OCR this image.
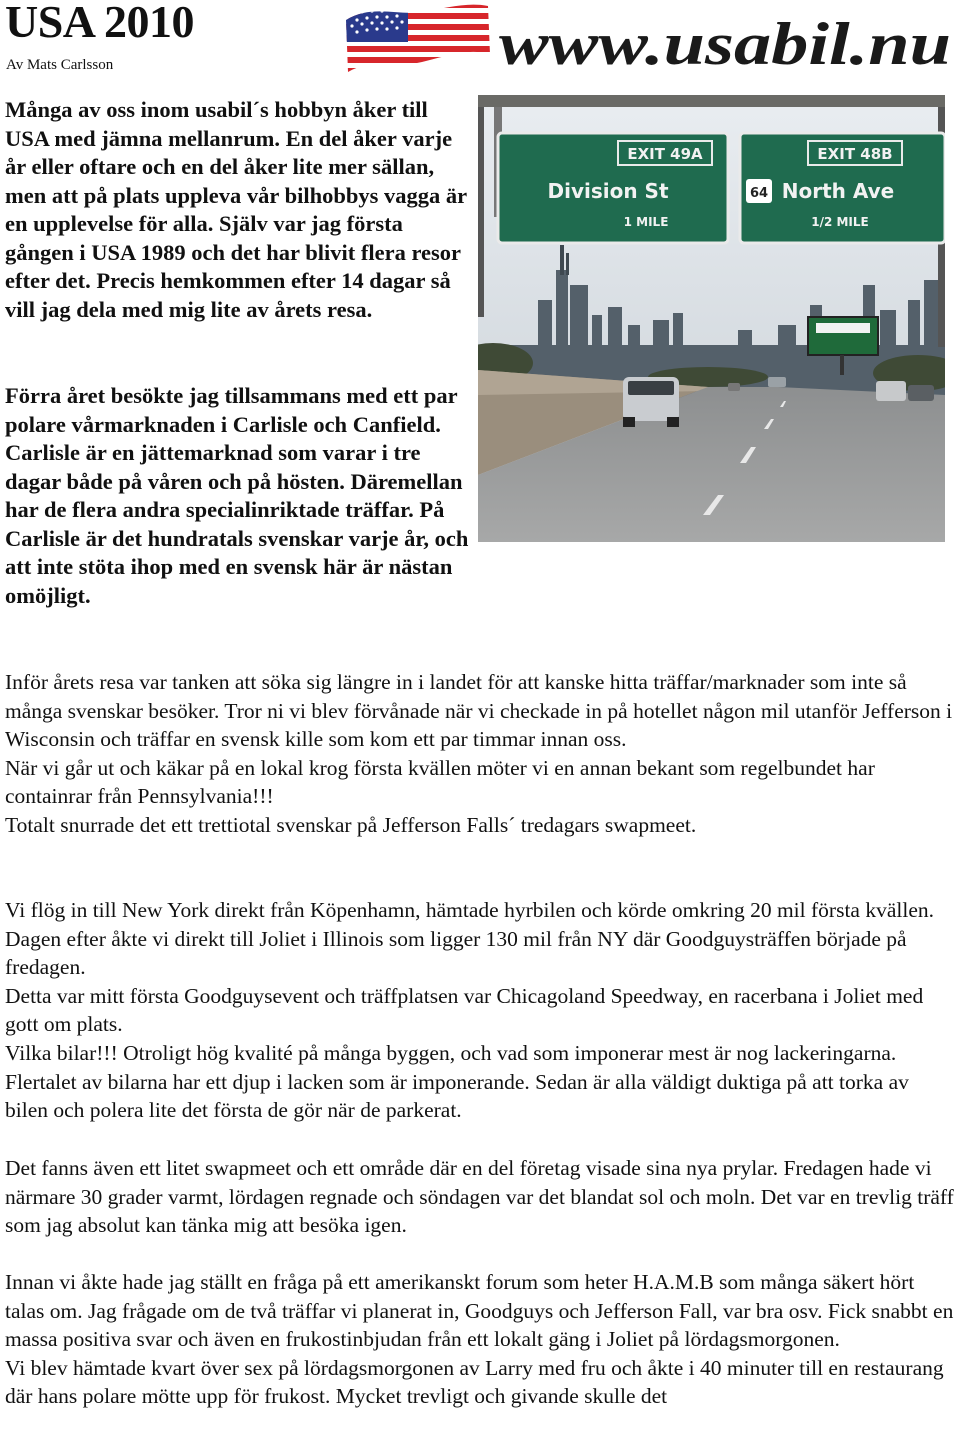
USA 2010
Av Mats Carlsson	www.usabil.nu
Många av oss inom usabil´s hobbyn åker till USA med jämna mellanrum. En del åker varje år eller oftare och en del åker lite mer sällan, men att på plats uppleva vår bilhobbys vagga är en upplevelse för alla. Själv var jag första gången i USA 1989 och det har blivit flera resor efter det. Precis hemkommen efter 14 dagar så vill jag dela med mig lite av årets resa.
Förra året besökte jag tillsammans med ett par polare vårmarknaden i Carlisle och Canfield. Carlisle är en jättemarknad som varar i tre dagar både på våren och på hösten. Däremellan har de flera andra specialinriktade träffar. På Carlisle är det hundratals svenskar varje år, och att inte stöta ihop med en svensk här är nästan omöjligt.
EXIT 49A
Division St
1 MILE
EXIT 48B
64 North Ave
1/2 MILE

Inför årets resa var tanken att söka sig längre in i landet för att kanske hitta träffar/marknader som inte så många svenskar besöker. Tror ni vi blev förvånade när vi checkade in på hotellet någon mil utanför Jefferson i Wisconsin och träffar en svensk kille som kom ett par timmar innan oss.

När vi går ut och käkar på en lokal krog första kvällen möter vi en annan bekant som regelbundet har containrar från Pennsylvania!!!

Totalt snurrade det ett trettiotal svenskar på Jefferson Falls´ tredagars swapmeet.

Vi flög in till New York direkt från Köpenhamn, hämtade hyrbilen och körde omkring 20 mil första kvällen. Dagen efter åkte vi direkt till Joliet i Illinois som ligger 130 mil från NY där Goodguysträffen började på fredagen.

Detta var mitt första Goodguysevent och träffplatsen var Chicagoland Speedway, en racerbana i Joliet med gott om plats.

Vilka bilar!!! Otroligt hög kvalité på många byggen, och vad som imponerar mest är nog lackeringarna. Flertalet av bilarna har ett djup i lacken som är imponerande. Sedan är alla väldigt duktiga på att torka av bilen och polera lite det första de gör när de parkerat.

Det fanns även ett litet swapmeet och ett område där en del företag visade sina nya prylar. Fredagen hade vi närmare 30 grader varmt, lördagen regnade och söndagen var det blandat sol och moln. Det var en trevlig träff som jag absolut kan tänka mig att besöka igen.

Innan vi åkte hade jag ställt en fråga på ett amerikanskt forum som heter H.A.M.B som många säkert hört talas om. Jag frågade om de två träffar vi planerat in, Goodguys och Jefferson Fall, var bra osv. Fick snabbt en massa positiva svar och även en frukostinbjudan från ett lokalt gäng i Joliet på lördagsmorgonen.

Vi blev hämtade kvart över sex på lördagsmorgonen av Larry med fru och åkte i 40 minuter till en restaurang där hans polare mötte upp för frukost. Mycket trevligt och givande skulle det
